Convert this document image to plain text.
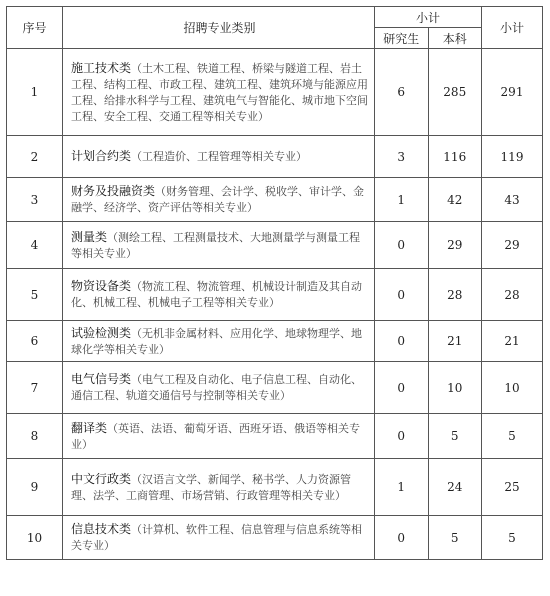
序号	招聘专业类别	小计		小计
		研究生	本科	
1	施工技术类（土木工程、铁道工程、桥梁与隧道工程、岩土工程、结构工程、市政工程、建筑工程、建筑环境与能源应用工程、给排水科学与工程、建筑电气与智能化、城市地下空间工程、安全工程、交通工程等相关专业）	6	285	291
2	计划合约类（工程造价、工程管理等相关专业）	3	116	119
3	财务及投融资类（财务管理、会计学、税收学、审计学、金融学、经济学、资产评估等相关专业）	1	42	43
4	测量类（测绘工程、工程测量技术、大地测量学与测量工程等相关专业）	0	29	29
5	物资设备类（物流工程、物流管理、机械设计制造及其自动化、机械工程、机械电子工程等相关专业）	0	28	28
6	试验检测类（无机非金属材料、应用化学、地球物理学、地球化学等相关专业）	0	21	21
7	电气信号类（电气工程及自动化、电子信息工程、自动化、通信工程、轨道交通信号与控制等相关专业）	0	10	10
8	翻译类（英语、法语、葡萄牙语、西班牙语、俄语等相关专业）	0	5	5
9	中文行政类（汉语言文学、新闻学、秘书学、人力资源管理、法学、工商管理、市场营销、行政管理等相关专业）	1	24	25
10	信息技术类（计算机、软件工程、信息管理与信息系统等相关专业）	0	5	5
